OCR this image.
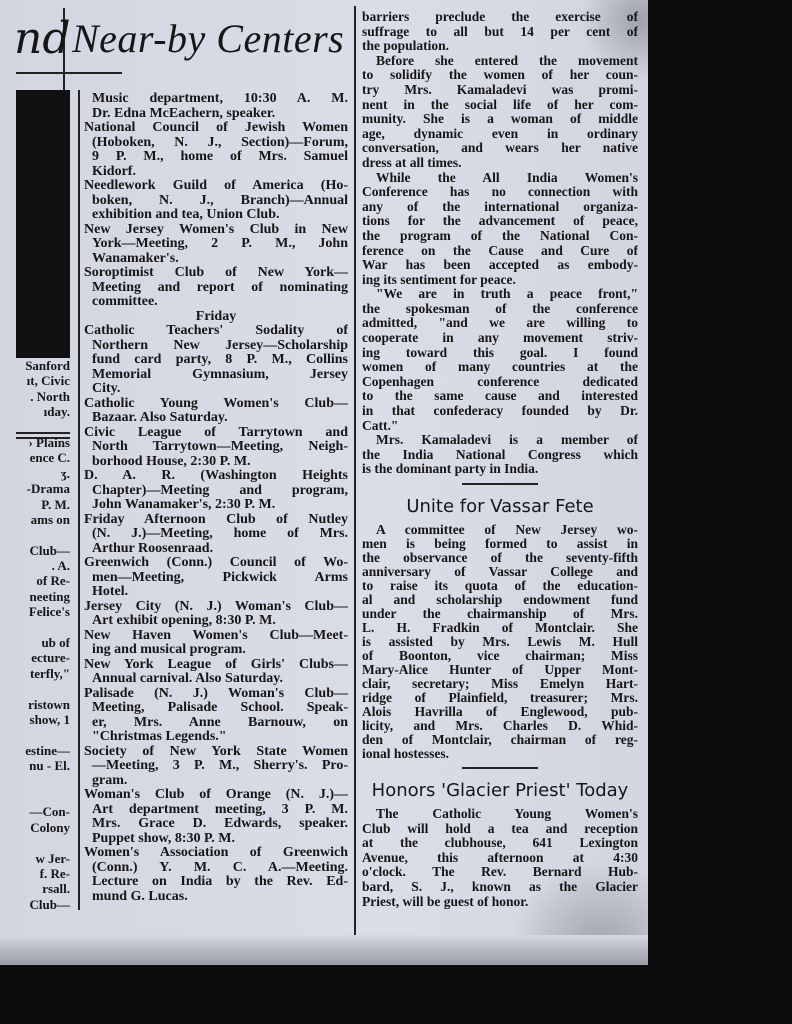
nd Near-by Centers
Sanford
ıt, Civic
. North
ıday.
› Plains
ence C.
ʒ.
-Drama
P. M.
ams on
Club—
. A.
of Re-
neeting
Felice's
ub of
ecture-
terfly,"
ristown
show, 1
estine—
nu - El.
—Con-
Colony
w Jer-
f. Re-
rsall.
Club—
Music department, 10:30 A. M.
Dr. Edna McEachern, speaker.
National Council of Jewish Women
(Hoboken, N. J., Section)—Forum,
9 P. M., home of Mrs. Samuel
Kidorf.
Needlework Guild of America (Ho-
boken, N. J., Branch)—Annual
exhibition and tea, Union Club.
New Jersey Women's Club in New
York—Meeting, 2 P. M., John
Wanamaker's.
Soroptimist Club of New York—
Meeting and report of nominating
committee.
Friday
Catholic Teachers' Sodality of
Northern New Jersey—Scholarship
fund card party, 8 P. M., Collins
Memorial Gymnasium, Jersey
City.
Catholic Young Women's Club—
Bazaar. Also Saturday.
Civic League of Tarrytown and
North Tarrytown—Meeting, Neigh-
borhood House, 2:30 P. M.
D. A. R. (Washington Heights
Chapter)—Meeting and program,
John Wanamaker's, 2:30 P. M.
Friday Afternoon Club of Nutley
(N. J.)—Meeting, home of Mrs.
Arthur Roosenraad.
Greenwich (Conn.) Council of Wo-
men—Meeting, Pickwick Arms
Hotel.
Jersey City (N. J.) Woman's Club—
Art exhibit opening, 8:30 P. M.
New Haven Women's Club—Meet-
ing and musical program.
New York League of Girls' Clubs—
Annual carnival. Also Saturday.
Palisade (N. J.) Woman's Club—
Meeting, Palisade School. Speak-
er, Mrs. Anne Barnouw, on
"Christmas Legends."
Society of New York State Women
—Meeting, 3 P. M., Sherry's. Pro-
gram.
Woman's Club of Orange (N. J.)—
Art department meeting, 3 P. M.
Mrs. Grace D. Edwards, speaker.
Puppet show, 8:30 P. M.
Women's Association of Greenwich
(Conn.) Y. M. C. A.—Meeting.
Lecture on India by the Rev. Ed-
mund G. Lucas.
barriers preclude the exercise of
suffrage to all but 14 per cent of
the population.
Before she entered the movement
to solidify the women of her coun-
try Mrs. Kamaladevi was promi-
nent in the social life of her com-
munity. She is a woman of middle
age, dynamic even in ordinary
conversation, and wears her native
dress at all times.
While the All India Women's
Conference has no connection with
any of the international organiza-
tions for the advancement of peace,
the program of the National Con-
ference on the Cause and Cure of
War has been accepted as embody-
ing its sentiment for peace.
"We are in truth a peace front,"
the spokesman of the conference
admitted, "and we are willing to
cooperate in any movement striv-
ing toward this goal. I found
women of many countries at the
Copenhagen conference dedicated
to the same cause and interested
in that confederacy founded by Dr.
Catt."
Mrs. Kamaladevi is a member of
the India National Congress which
is the dominant party in India.
Unite for Vassar Fete
A committee of New Jersey wo-
men is being formed to assist in
the observance of the seventy-fifth
anniversary of Vassar College and
to raise its quota of the education-
al and scholarship endowment fund
under the chairmanship of Mrs.
L. H. Fradkin of Montclair. She
is assisted by Mrs. Lewis M. Hull
of Boonton, vice chairman; Miss
Mary-Alice Hunter of Upper Mont-
clair, secretary; Miss Emelyn Hart-
ridge of Plainfield, treasurer; Mrs.
Alois Havrilla of Englewood, pub-
licity, and Mrs. Charles D. Whid-
den of Montclair, chairman of reg-
ional hostesses.
Honors 'Glacier Priest' Today
The Catholic Young Women's
Club will hold a tea and reception
at the clubhouse, 641 Lexington
Avenue, this afternoon at 4:30
o'clock. The Rev. Bernard Hub-
bard, S. J., known as the Glacier
Priest, will be guest of honor.
